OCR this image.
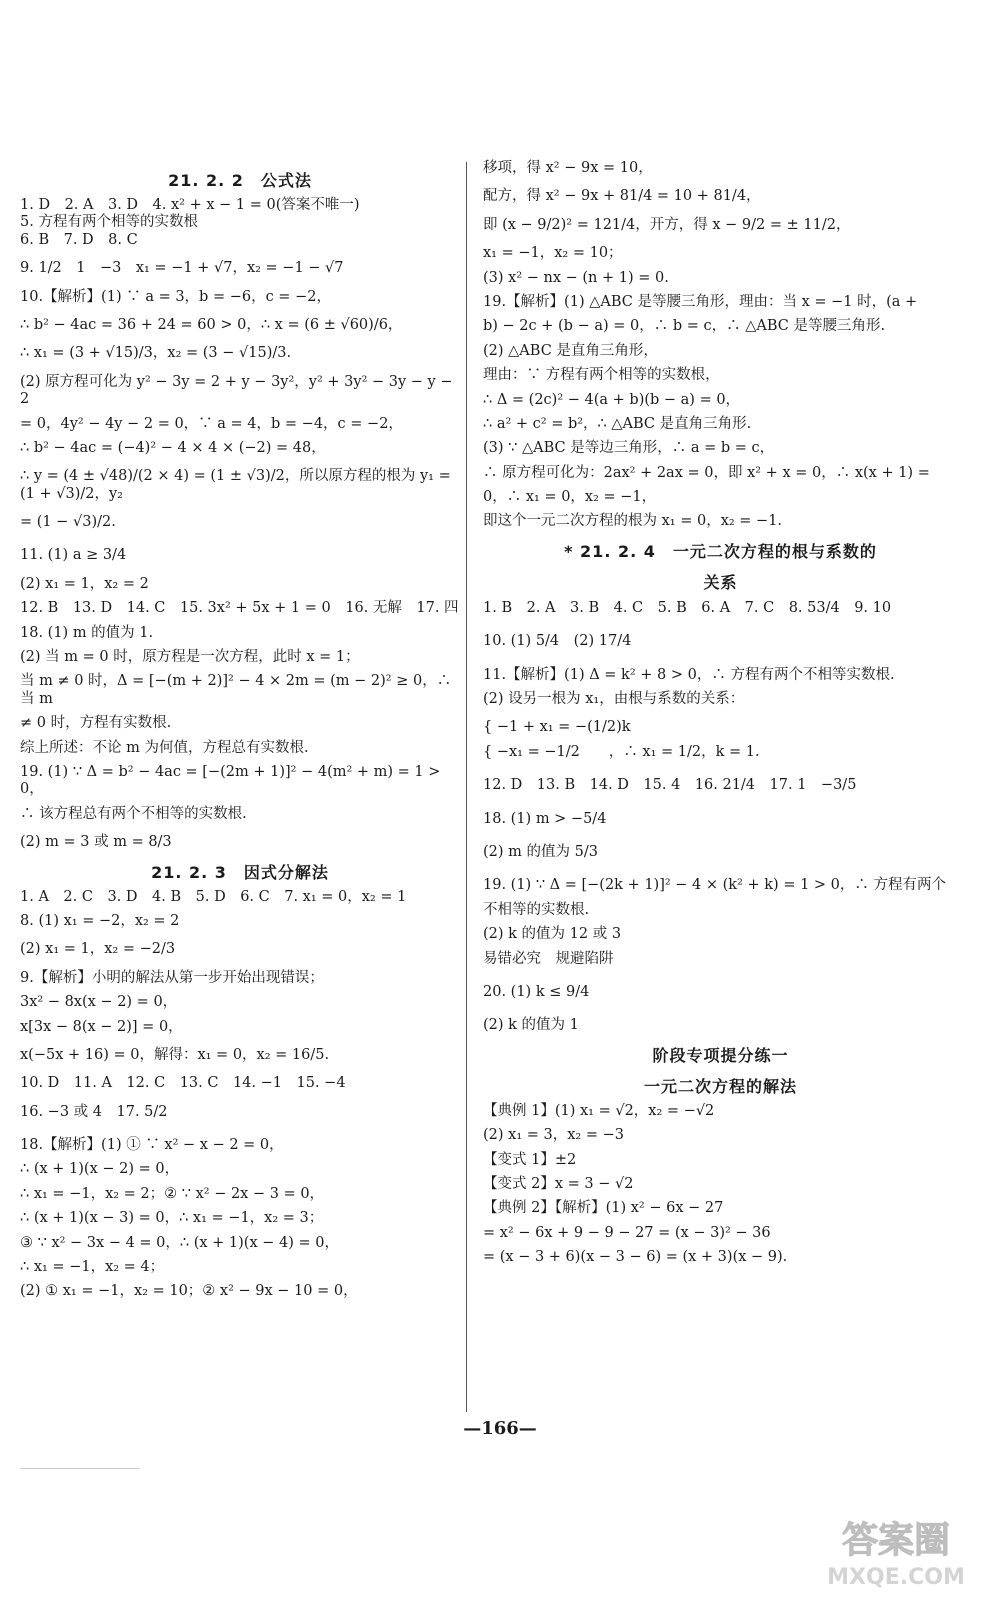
21. 2. 2　公式法
1. D　2. A　3. D　4. x² + x − 1 = 0(答案不唯一)
5. 方程有两个相等的实数根
6. B　7. D　8. C
9. 1/2　1　−3　x₁ = −1 + √7，x₂ = −1 − √7
10.【解析】(1) ∵ a = 3，b = −6，c = −2，
∴ b² − 4ac = 36 + 24 = 60 > 0，∴ x = (6 ± √60)/6，
∴ x₁ = (3 + √15)/3，x₂ = (3 − √15)/3.
(2) 原方程可化为 y² − 3y = 2 + y − 3y²，y² + 3y² − 3y − y − 2
= 0，4y² − 4y − 2 = 0，∵ a = 4，b = −4，c = −2，
∴ b² − 4ac = (−4)² − 4 × 4 × (−2) = 48，
∴ y = (4 ± √48)/(2 × 4) = (1 ± √3)/2，所以原方程的根为 y₁ = (1 + √3)/2，y₂
= (1 − √3)/2.
11. (1) a ≥ 3/4
(2) x₁ = 1，x₂ = 2
12. B　13. D　14. C　15. 3x² + 5x + 1 = 0　16. 无解　17. 四
18. (1) m 的值为 1.
(2) 当 m = 0 时，原方程是一次方程，此时 x = 1；
当 m ≠ 0 时，Δ = [−(m + 2)]² − 4 × 2m = (m − 2)² ≥ 0，∴ 当 m
≠ 0 时，方程有实数根.
综上所述：不论 m 为何值，方程总有实数根.
19. (1) ∵ Δ = b² − 4ac = [−(2m + 1)]² − 4(m² + m) = 1 > 0，
∴ 该方程总有两个不相等的实数根.
(2) m = 3 或 m = 8/3
21. 2. 3　因式分解法
1. A　2. C　3. D　4. B　5. D　6. C　7. x₁ = 0，x₂ = 1
8. (1) x₁ = −2，x₂ = 2
(2) x₁ = 1，x₂ = −2/3
9.【解析】小明的解法从第一步开始出现错误；
3x² − 8x(x − 2) = 0，
x[3x − 8(x − 2)] = 0，
x(−5x + 16) = 0，解得：x₁ = 0，x₂ = 16/5.
10. D　11. A　12. C　13. C　14. −1　15. −4
16. −3 或 4　17. 5/2
18.【解析】(1) ① ∵ x² − x − 2 = 0，
∴ (x + 1)(x − 2) = 0，
∴ x₁ = −1，x₂ = 2；② ∵ x² − 2x − 3 = 0，
∴ (x + 1)(x − 3) = 0，∴ x₁ = −1，x₂ = 3；
③ ∵ x² − 3x − 4 = 0，∴ (x + 1)(x − 4) = 0，
∴ x₁ = −1，x₂ = 4；
(2) ① x₁ = −1，x₂ = 10；② x² − 9x − 10 = 0，
移项，得 x² − 9x = 10，
配方，得 x² − 9x + 81/4 = 10 + 81/4，
即 (x − 9/2)² = 121/4，开方，得 x − 9/2 = ± 11/2，
x₁ = −1，x₂ = 10；
(3) x² − nx − (n + 1) = 0.
19.【解析】(1) △ABC 是等腰三角形，理由：当 x = −1 时，(a +
b) − 2c + (b − a) = 0，∴ b = c，∴ △ABC 是等腰三角形.
(2) △ABC 是直角三角形，
理由：∵ 方程有两个相等的实数根，
∴ Δ = (2c)² − 4(a + b)(b − a) = 0，
∴ a² + c² = b²，∴ △ABC 是直角三角形.
(3) ∵ △ABC 是等边三角形，∴ a = b = c，
∴ 原方程可化为：2ax² + 2ax = 0，即 x² + x = 0，∴ x(x + 1) =
0，∴ x₁ = 0，x₂ = −1，
即这个一元二次方程的根为 x₁ = 0，x₂ = −1.
* 21. 2. 4　一元二次方程的根与系数的
关系
1. B　2. A　3. B　4. C　5. B　6. A　7. C　8. 53/4　9. 10
10. (1) 5/4　(2) 17/4
11.【解析】(1) Δ = k² + 8 > 0，∴ 方程有两个不相等实数根.
(2) 设另一根为 x₁，由根与系数的关系：
{ −1 + x₁ = −(1/2)k
{ −x₁ = −1/2　　，∴ x₁ = 1/2，k = 1.
12. D　13. B　14. D　15. 4　16. 21/4　17. 1　−3/5
18. (1) m > −5/4
(2) m 的值为 5/3
19. (1) ∵ Δ = [−(2k + 1)]² − 4 × (k² + k) = 1 > 0，∴ 方程有两个
不相等的实数根.
(2) k 的值为 12 或 3
易错必究　规避陷阱
20. (1) k ≤ 9/4
(2) k 的值为 1
阶段专项提分练一
一元二次方程的解法
【典例 1】(1) x₁ = √2，x₂ = −√2
(2) x₁ = 3，x₂ = −3
【变式 1】±2
【变式 2】x = 3 − √2
【典例 2】【解析】(1) x² − 6x − 27
= x² − 6x + 9 − 9 − 27 = (x − 3)² − 36
= (x − 3 + 6)(x − 3 − 6) = (x + 3)(x − 9).
—166—
答案圈
MXQE.COM
